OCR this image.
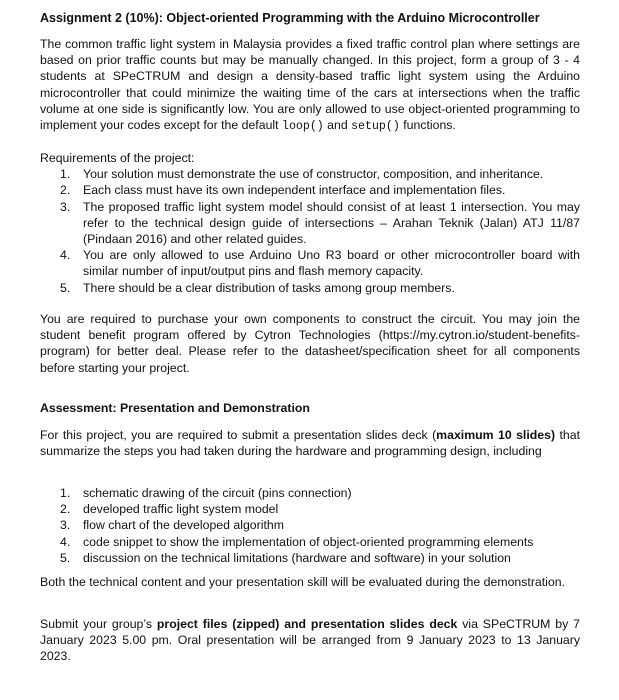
Assignment 2 (10%): Object-oriented Programming with the Arduino Microcontroller

The common traffic light system in Malaysia provides a fixed traffic control plan where settings are based on prior traffic counts but may be manually changed. In this project, form a group of 3 - 4 students at SPeCTRUM and design a density-based traffic light system using the Arduino microcontroller that could minimize the waiting time of the cars at intersections when the traffic volume at one side is significantly low. You are only allowed to use object-oriented programming to implement your codes except for the default loop() and setup() functions.

Requirements of the project:

1. Your solution must demonstrate the use of constructor, composition, and inheritance.
2. Each class must have its own independent interface and implementation files.
3. The proposed traffic light system model should consist of at least 1 intersection. You may refer to the technical design guide of intersections – Arahan Teknik (Jalan) ATJ 11/87 (Pindaan 2016) and other related guides.
4. You are only allowed to use Arduino Uno R3 board or other microcontroller board with similar number of input/output pins and flash memory capacity.
5. There should be a clear distribution of tasks among group members.

You are required to purchase your own components to construct the circuit. You may join the student benefit program offered by Cytron Technologies (https://my.cytron.io/student-benefits-program) for better deal. Please refer to the datasheet/specification sheet for all components before starting your project.

Assessment: Presentation and Demonstration

For this project, you are required to submit a presentation slides deck (maximum 10 slides) that summarize the steps you had taken during the hardware and programming design, including

1. schematic drawing of the circuit (pins connection)
2. developed traffic light system model
3. flow chart of the developed algorithm
4. code snippet to show the implementation of object-oriented programming elements
5. discussion on the technical limitations (hardware and software) in your solution

Both the technical content and your presentation skill will be evaluated during the demonstration.

Submit your group’s project files (zipped) and presentation slides deck via SPeCTRUM by 7 January 2023 5.00 pm. Oral presentation will be arranged from 9 January 2023 to 13 January 2023.
